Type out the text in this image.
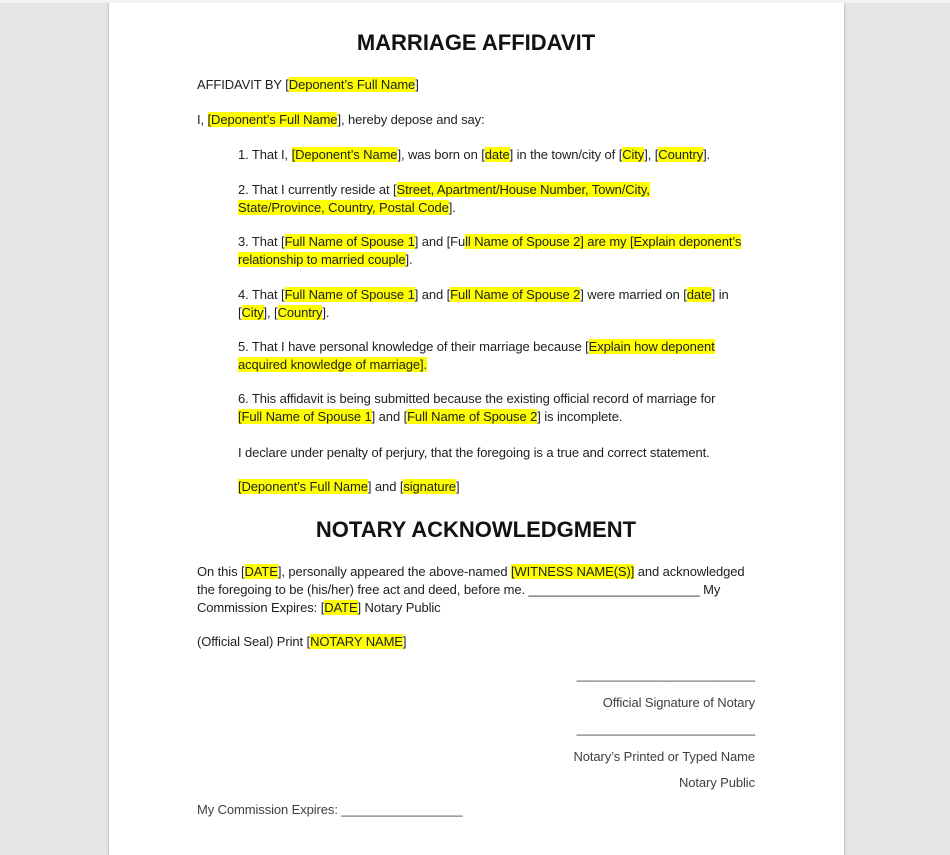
MARRIAGE AFFIDAVIT
AFFIDAVIT BY [Deponent’s Full Name]
I, [Deponent’s Full Name], hereby depose and say:
1. That I, [Deponent’s Name], was born on [date] in the town/city of [City], [Country].
2. That I currently reside at [Street, Apartment/House Number, Town/City,
State/Province, Country, Postal Code].
3. That [Full Name of Spouse 1] and [Full Name of Spouse 2] are my [Explain deponent’s
relationship to married couple].
4. That [Full Name of Spouse 1] and [Full Name of Spouse 2] were married on [date] in
[City], [Country].
5. That I have personal knowledge of their marriage because [Explain how deponent
acquired knowledge of marriage].
6. This affidavit is being submitted because the existing official record of marriage for
[Full Name of Spouse 1] and [Full Name of Spouse 2] is incomplete.
I declare under penalty of perjury, that the foregoing is a true and correct statement.
[Deponent’s Full Name] and [signature]
NOTARY ACKNOWLEDGMENT
On this [DATE], personally appeared the above-named [WITNESS NAME(S)] and acknowledged
the foregoing to be (his/her) free act and deed, before me. ________________________ My
Commission Expires: [DATE] Notary Public
(Official Seal) Print [NOTARY NAME]
_________________________
Official Signature of Notary
_________________________
Notary’s Printed or Typed Name
Notary Public
My Commission Expires: _________________
